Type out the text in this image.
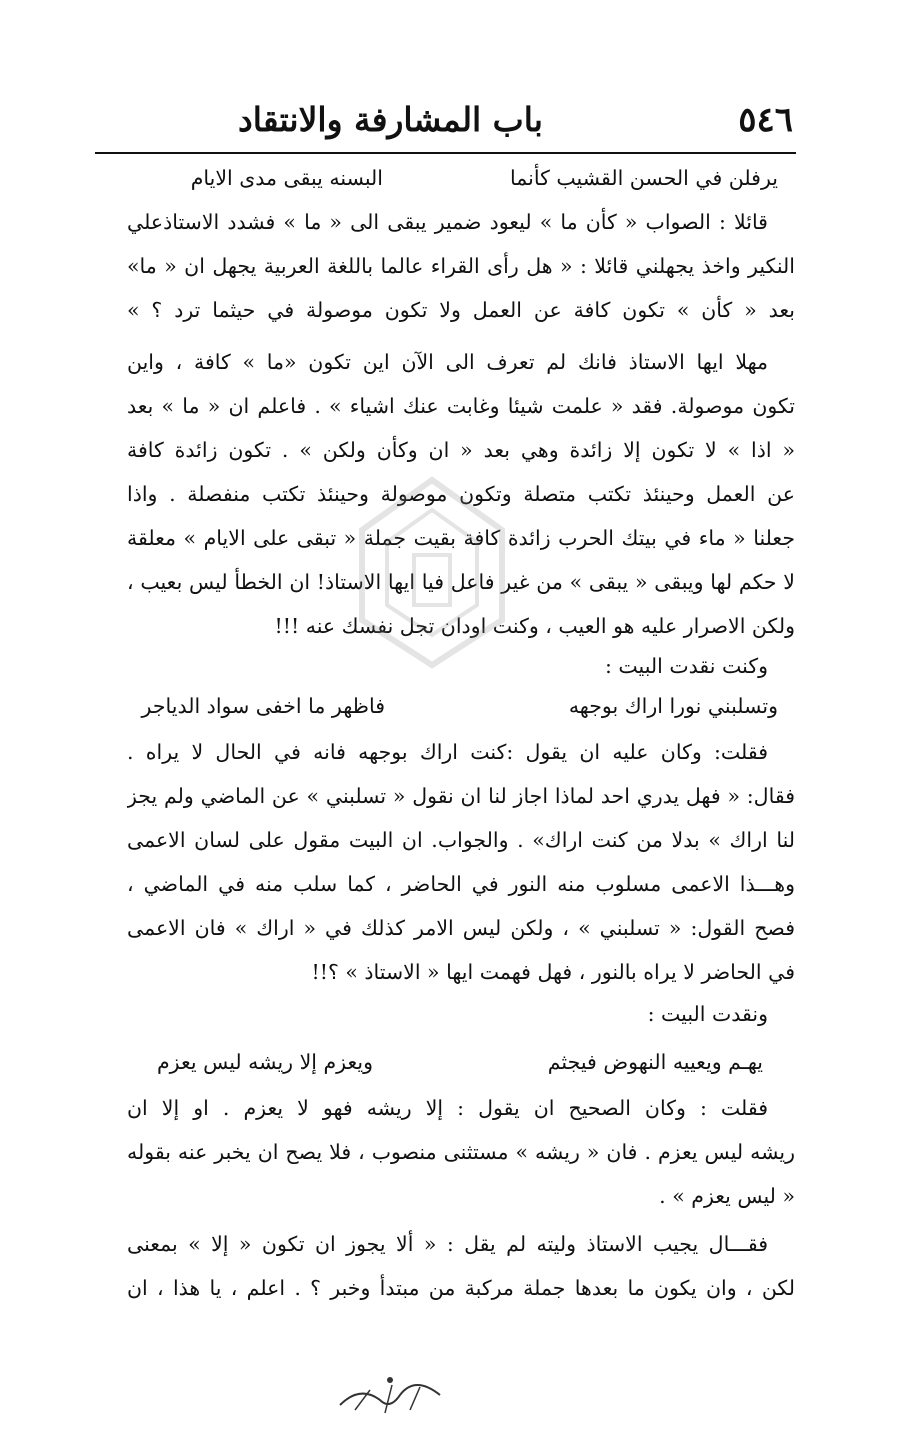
٥٤٦
باب المشارفة والانتقاد
يرفلن في الحسن القشيب كأنما
البسنه يبقى مدى الايام
قائلا : الصواب « كأن ما » ليعود ضمير يبقى الى « ما » فشدد الاستاذعلي
النكير واخذ يجهلني قائلا : « هل رأى القراء عالما باللغة العربية يجهل ان « ما»
بعد « كأن » تكون كافة عن العمل ولا تكون موصولة في حيثما ترد ؟ »
مهلا ايها الاستاذ فانك لم تعرف الى الآن اين تكون «ما » كافة ، واين
تكون موصولة. فقد « علمت شيئا وغابت عنك اشياء » . فاعلم ان « ما » بعد
« اذا » لا تكون إلا زائدة وهي بعد « ان وكأن ولكن » . تكون زائدة كافة
عن العمل وحينئذ تكتب متصلة وتكون موصولة وحينئذ تكتب منفصلة . واذا
جعلنا « ماء في بيتك الحرب زائدة كافة بقيت جملة « تبقى على الايام » معلقة
لا حكم لها ويبقى « يبقى » من غير فاعل فيا ايها الاستاذ! ان الخطأ ليس بعيب ،
ولكن الاصرار عليه هو العيب ، وكنت اودان تجل نفسك عنه !!!
وكنت نقدت البيت :
وتسلبني نورا اراك بوجهه
فاظهر ما اخفى سواد الدياجر
فقلت: وكان عليه ان يقول :كنت اراك بوجهه فانه في الحال لا يراه .
فقال: « فهل يدري احد لماذا اجاز لنا ان نقول « تسلبني » عن الماضي ولم يجز
لنا اراك » بدلا من كنت اراك» . والجواب. ان البيت مقول على لسان الاعمى
وهـــذا الاعمى مسلوب منه النور في الحاضر ، كما سلب منه في الماضي ،
فصح القول: « تسلبني » ، ولكن ليس الامر كذلك في « اراك » فان الاعمى
في الحاضر لا يراه بالنور ، فهل فهمت ايها « الاستاذ » ؟!!
ونقدت البيت :
يهـم ويعييه النهوض فيجثم
ويعزم إلا ريشه ليس يعزم
فقلت : وكان الصحيح ان يقول : إلا ريشه فهو لا يعزم . او إلا ان
ريشه ليس يعزم . فان « ريشه » مستثنى منصوب ، فلا يصح ان يخبر عنه بقوله
« ليس يعزم » .
فقـــال يجيب الاستاذ وليته لم يقل : « ألا يجوز ان تكون « إلا » بمعنى
لكن ، وان يكون ما بعدها جملة مركبة من مبتدأ وخبر ؟ . اعلم ، يا هذا ، ان
